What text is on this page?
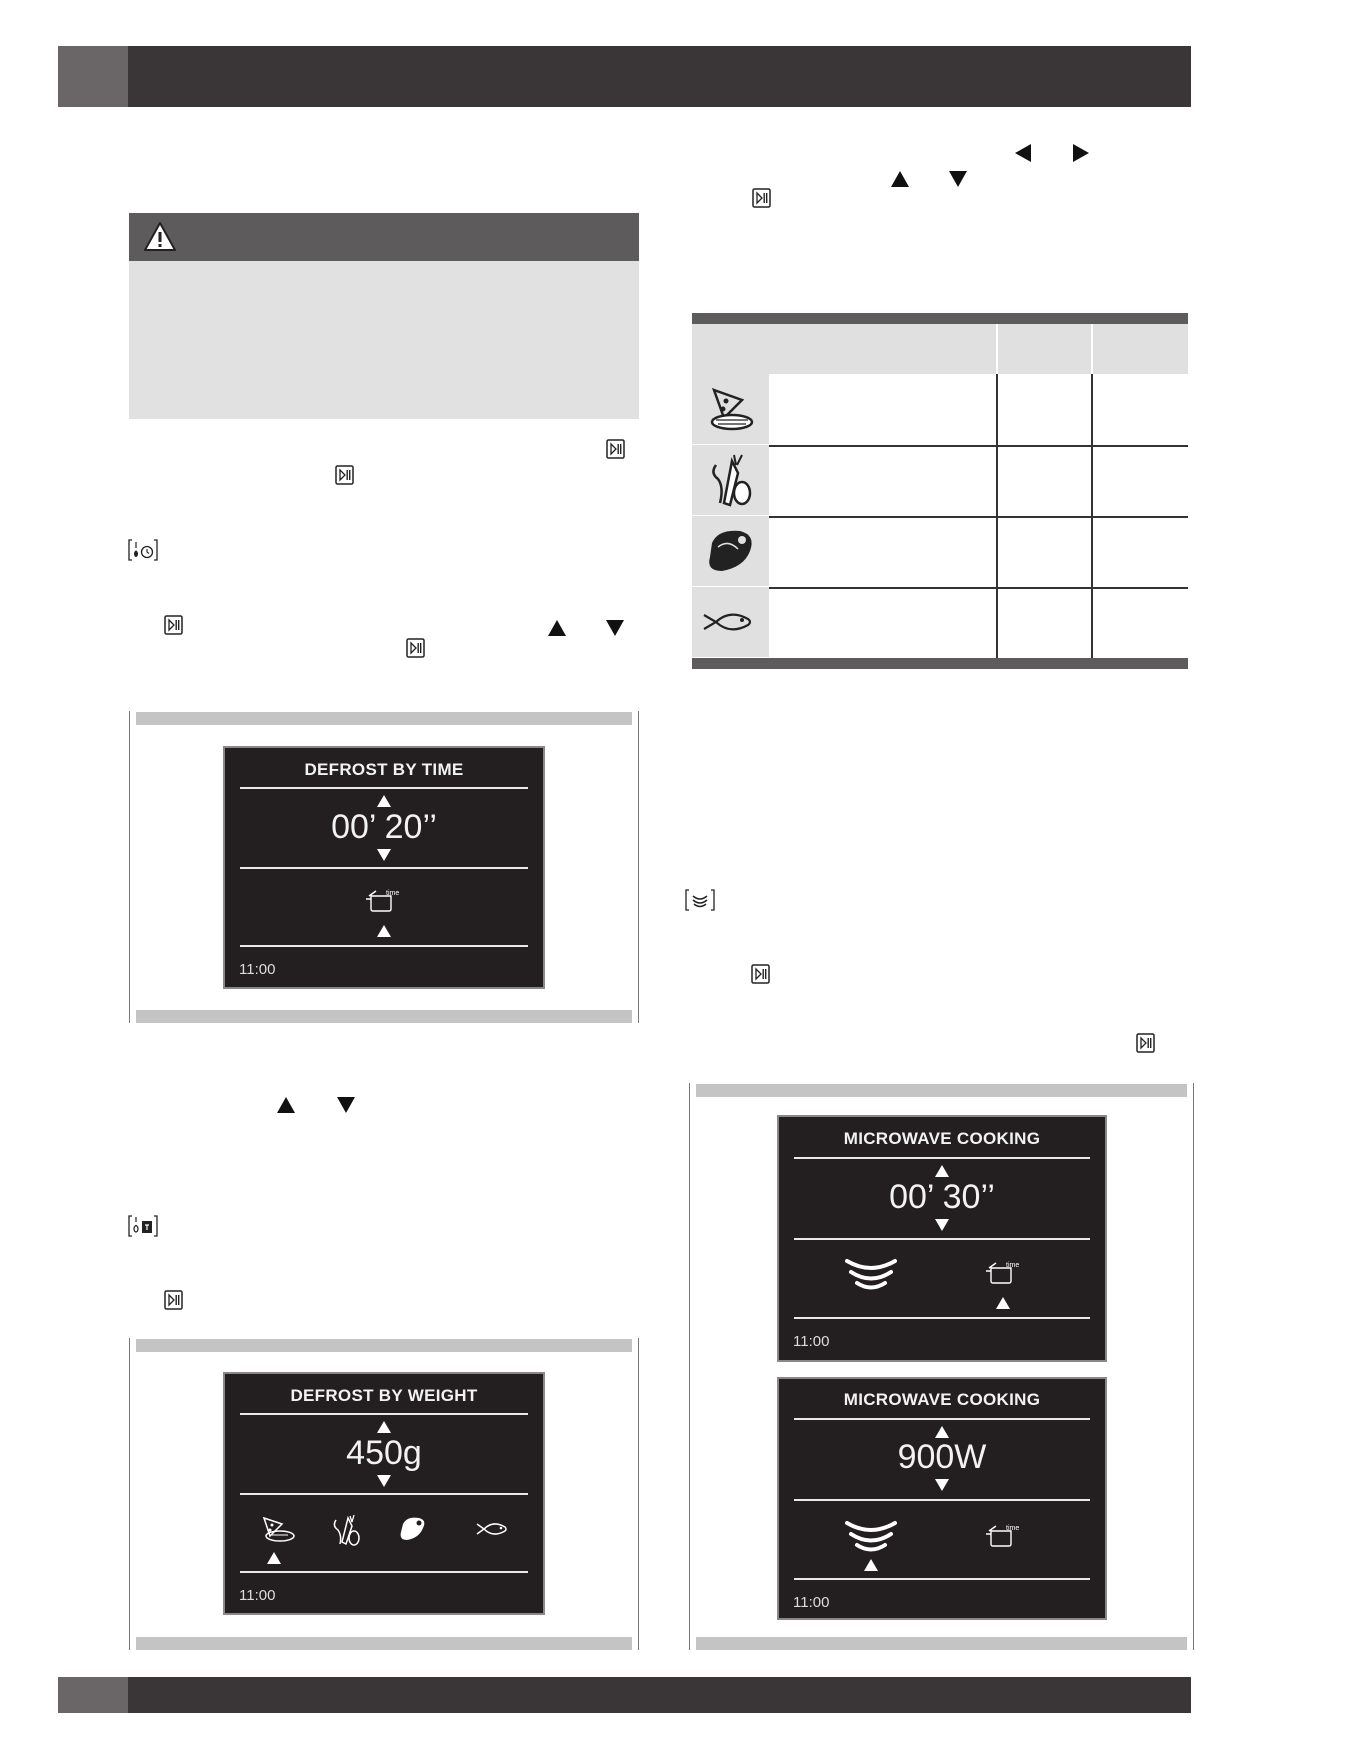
DEFROST BY TIME
00’ 20’’
time
11:00
DEFROST BY WEIGHT
450g
11:00
MICROWAVE COOKING
00’ 30’’
time
11:00
MICROWAVE COOKING
900W
time
11:00
